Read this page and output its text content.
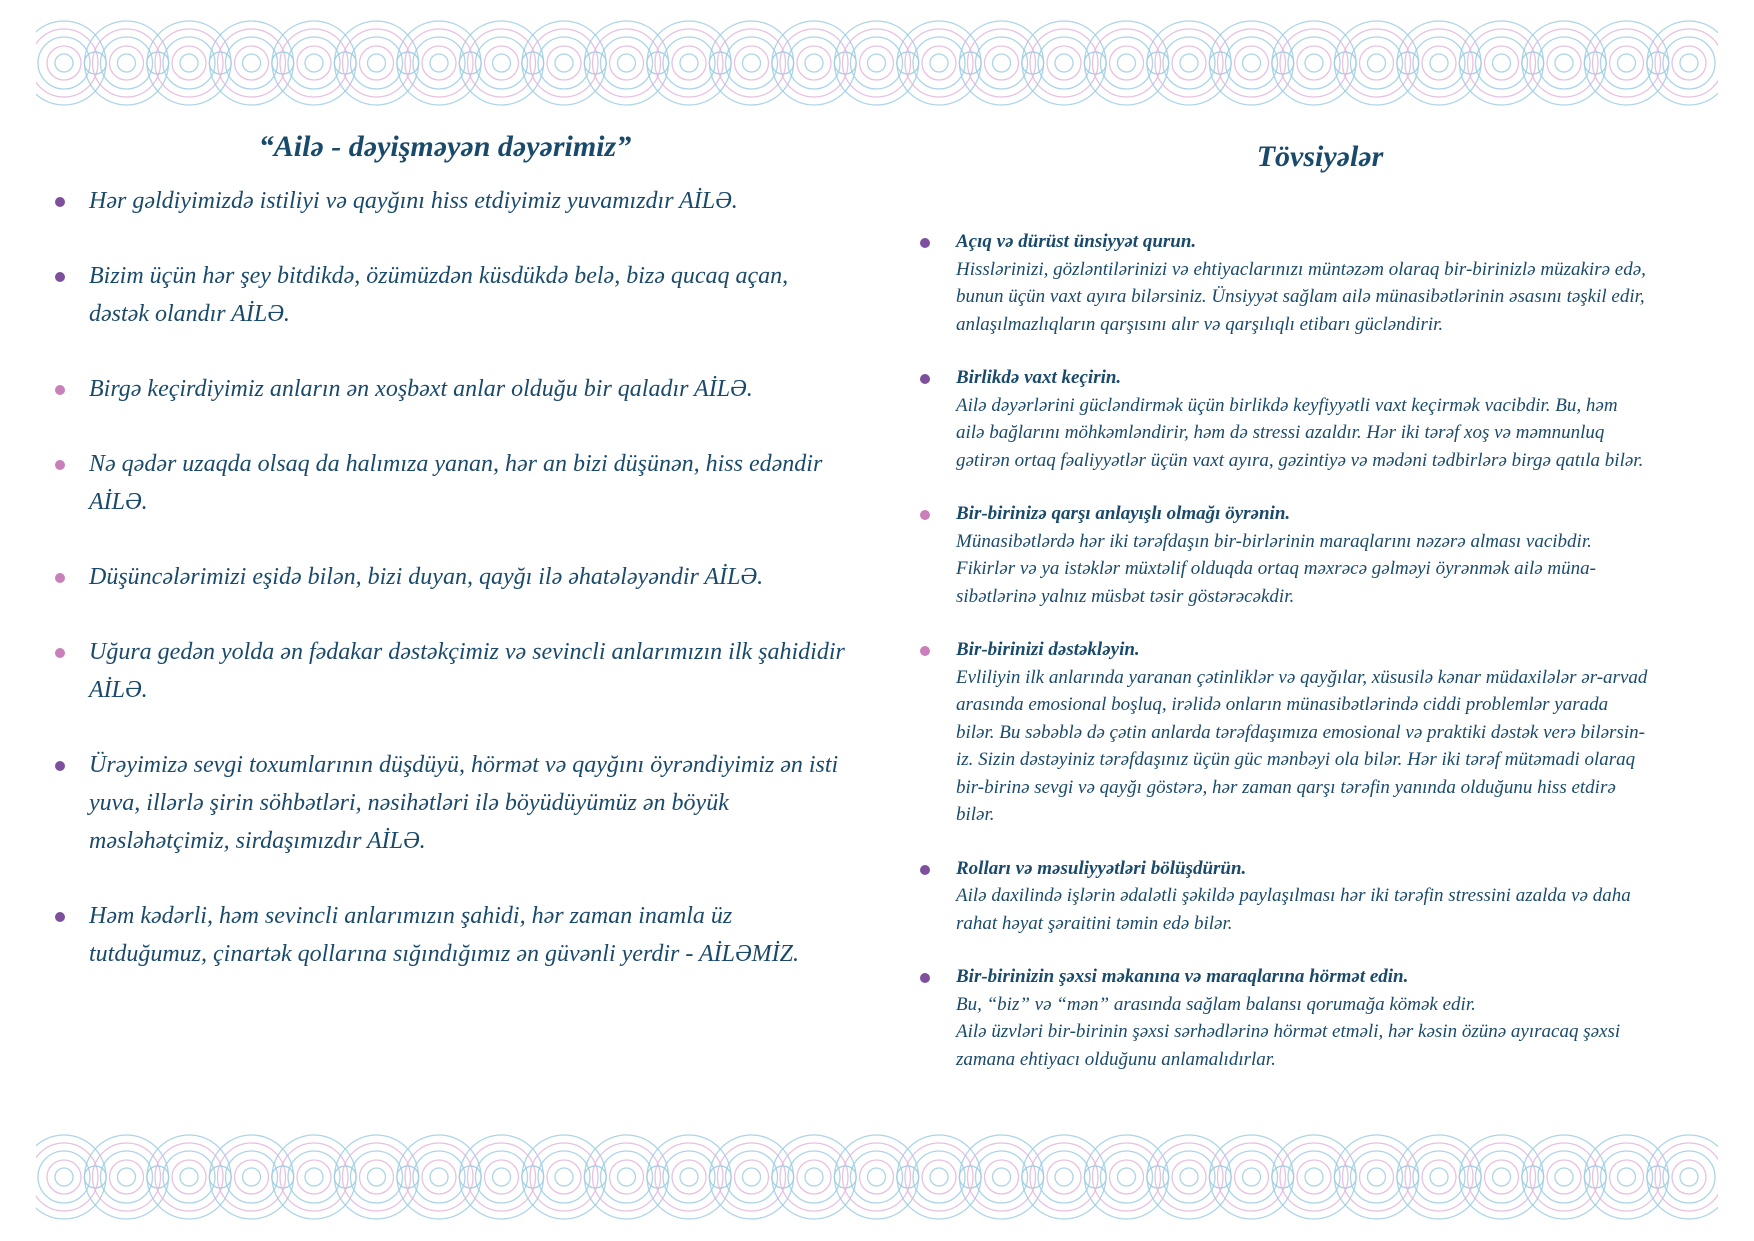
“Ailə - dəyişməyən dəyərimiz”
Hər gəldiyimizdə istiliyi və qayğını hiss etdiyimiz yuvamızdır AİLƏ.
Bizim üçün hər şey bitdikdə, özümüzdən küsdükdə belə, bizə qucaq açan, dəstək olandır AİLƏ.
Birgə keçirdiyimiz anların ən xoşbəxt anlar olduğu bir qaladır AİLƏ.
Nə qədər uzaqda olsaq da halımıza yanan, hər an bizi düşünən, hiss edəndir AİLƏ.
Düşüncələrimizi eşidə bilən, bizi duyan, qayğı ilə əhatələyəndir AİLƏ.
Uğura gedən yolda ən fədakar dəstəkçimiz və sevincli anlarımızın ilk şahididir AİLƏ.
Ürəyimizə sevgi toxumlarının düşdüyü, hörmət və qayğını öyrəndiyimiz ən isti yuva, illərlə şirin söhbətləri, nəsihətləri ilə böyüdüyümüz ən böyük məsləhətçimiz, sirdaşımızdır AİLƏ.
Həm kədərli, həm sevincli anlarımızın şahidi, hər zaman inamla üz tutduğumuz, çinartək qollarına sığındığımız ən güvənli yerdir - AİLƏMİZ.
Tövsiyələr
Açıq və dürüst ünsiyyət qurun.
Hisslərinizi, gözləntilərinizi və ehtiyaclarınızı müntəzəm olaraq bir-birinizlə müzakirə edə,
bunun üçün vaxt ayıra bilərsiniz. Ünsiyyət sağlam ailə münasibətlərinin əsasını təşkil edir,
anlaşılmazlıqların qarşısını alır və qarşılıqlı etibarı gücləndirir.
Birlikdə vaxt keçirin.
Ailə dəyərlərini gücləndirmək üçün birlikdə keyfiyyətli vaxt keçirmək vacibdir. Bu, həm
ailə bağlarını möhkəmləndirir, həm də stressi azaldır. Hər iki tərəf xoş və məmnunluq
gətirən ortaq fəaliyyətlər üçün vaxt ayıra, gəzintiyə və mədəni tədbirlərə birgə qatıla bilər.
Bir-birinizə qarşı anlayışlı olmağı öyrənin.
Münasibətlərdə hər iki tərəfdaşın bir-birlərinin maraqlarını nəzərə alması vacibdir.
Fikirlər və ya istəklər müxtəlif olduqda ortaq məxrəcə gəlməyi öyrənmək ailə müna-
sibətlərinə yalnız müsbət təsir göstərəcəkdir.
Bir-birinizi dəstəkləyin.
Evliliyin ilk anlarında yaranan çətinliklər və qayğılar, xüsusilə kənar müdaxilələr ər-arvad
arasında emosional boşluq, irəlidə onların münasibətlərində ciddi problemlər yarada
bilər. Bu səbəblə də çətin anlarda tərəfdaşımıza emosional və praktiki dəstək verə bilərsin-
iz. Sizin dəstəyiniz tərəfdaşınız üçün güc mənbəyi ola bilər. Hər iki tərəf mütəmadi olaraq
bir-birinə sevgi və qayğı göstərə, hər zaman qarşı tərəfin yanında olduğunu hiss etdirə
bilər.
Rolları və məsuliyyətləri bölüşdürün.
Ailə daxilində işlərin ədalətli şəkildə paylaşılması hər iki tərəfin stressini azalda və daha
rahat həyat şəraitini təmin edə bilər.
Bir-birinizin şəxsi məkanına və maraqlarına hörmət edin.
Bu, “biz” və “mən” arasında sağlam balansı qorumağa kömək edir.
Ailə üzvləri bir-birinin şəxsi sərhədlərinə hörmət etməli, hər kəsin özünə ayıracaq şəxsi
zamana ehtiyacı olduğunu anlamalıdırlar.
